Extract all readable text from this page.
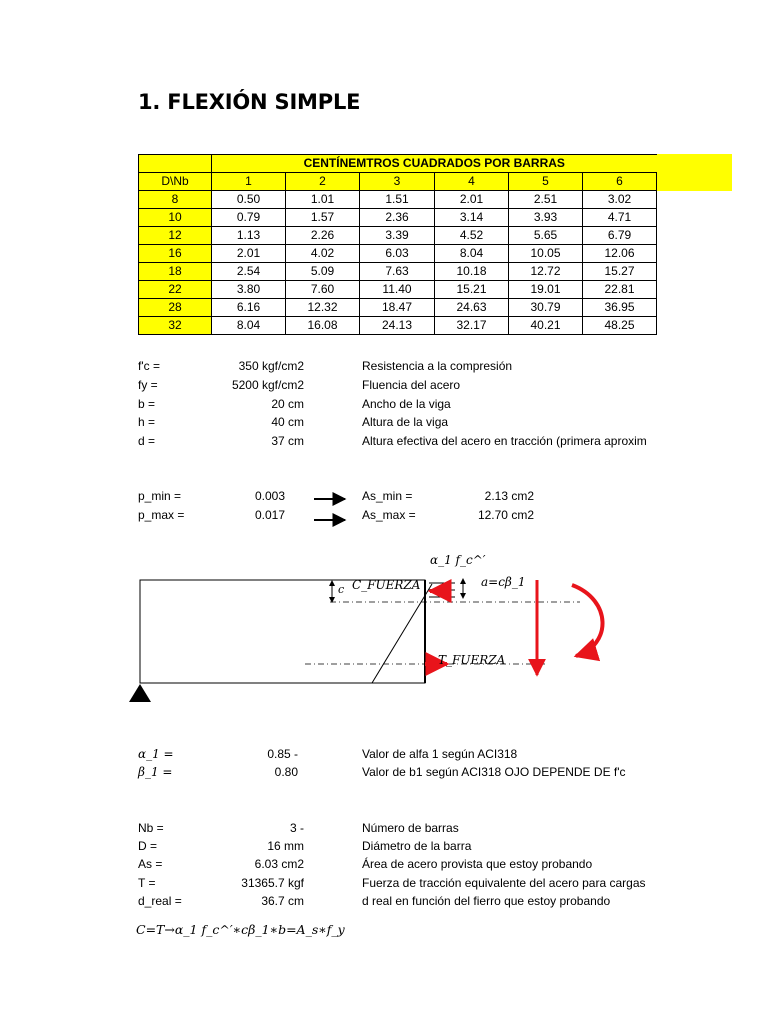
1. FLEXIÓN SIMPLE
	CENTÍNEMTROS CUADRADOS POR BARRAS					
D\Nb	1	2	3	4	5	6
8	0.50	1.01	1.51	2.01	2.51	3.02
10	0.79	1.57	2.36	3.14	3.93	4.71
12	1.13	2.26	3.39	4.52	5.65	6.79
16	2.01	4.02	6.03	8.04	10.05	12.06
18	2.54	5.09	7.63	10.18	12.72	15.27
22	3.80	7.60	11.40	15.21	19.01	22.81
28	6.16	12.32	18.47	24.63	30.79	36.95
32	8.04	16.08	24.13	32.17	40.21	48.25
f'c =	350 kgf/cm2	Resistencia a la compresión
fy =	5200 kgf/cm2	Fluencia del acero
b =	20 cm	Ancho de la viga
h =	40 cm	Altura de la viga
d =	37 cm	Altura efectiva del acero en tracción (primera aproxim
p_min =	0.003	As_min =	2.13 cm2
p_max =	0.017	As_max =	12.70 cm2
α_1 f_c^′
c C_FUERZA	a=cβ_1
T_FUERZA
α_1 =	0.85 -	Valor de alfa 1 según ACI318
β_1 =	0.80	Valor de b1 según ACI318 OJO DEPENDE DE f'c
Nb =	3 -	Número de barras
D =	16 mm	Diámetro de la barra
As =	6.03 cm2	Área de acero provista que estoy probando
T =	31365.7 kgf	Fuerza de tracción equivalente del acero para cargas
d_real =	36.7 cm	d real en función del fierro que estoy probando
C=T→α_1 f_c^′∗cβ_1∗b=A_s∗f_y
